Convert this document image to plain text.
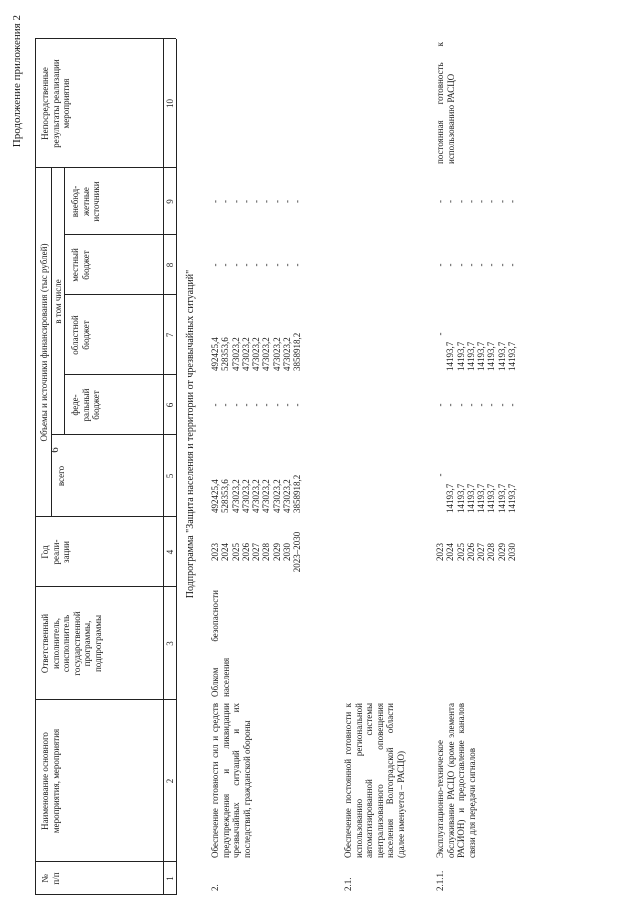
6
Продолжение приложения 2
№
п/п
Наименование основного
мероприятия, мероприятия
Ответственный
исполнитель,
соисполнитель
государственной
программы,
подпрограммы
Год
реали-
зации
Объемы и источники финансирования (тыс рублей)
всего
в том числе
феде-
ральный
бюджет
областной
бюджет
местный
бюджет
внебюд-
жетные
источники
Непосредственные
результаты реализации
мероприятия
1
2
3
4
5
6
7
8
9
10
Подпрограмма "Защита населения и территории от чрезвычайных ситуаций"
2.
Обеспечение готовности сил и средств предупреждения и ликвидации чрезвычайных ситуаций и их последствий, гражданской обороны
Облком безопасности населения
2023 2024 2025 2026 2027 2028 2029 2030 2023–2030
492425,4 528353,6 473023,2 473023,2 473023,2 473023,2 473023,2 473023,2 3858918,2
- - - - - - - - -
492425,4 528353,6 473023,2 473023,2 473023,2 473023,2 473023,2 473023,2 3858918,2
- - - - - - - - -
- - - - - - - - -
2.1.
Обеспечение постоянной готовности к использованию региональной автоматизированной системы централизованного оповещения населения Волгоградской области (далее именуется – РАСЦО)
2.1.1.
Эксплуатационно-техническое обслуживание РАСЦО (кроме элемента РАСИОН) и предоставление каналов связи для передачи сигналов
2023 2024 2025 2026 2027 2028 2029 2030
-
14193,7 14193,7 14193,7 14193,7 14193,7 14193,7 14193,7
- - - - - - - -
-
14193,7 14193,7 14193,7 14193,7 14193,7 14193,7 14193,7
- - - - - - - -
- - - - - - - -
постоянная готовность к использованию РАСЦО
